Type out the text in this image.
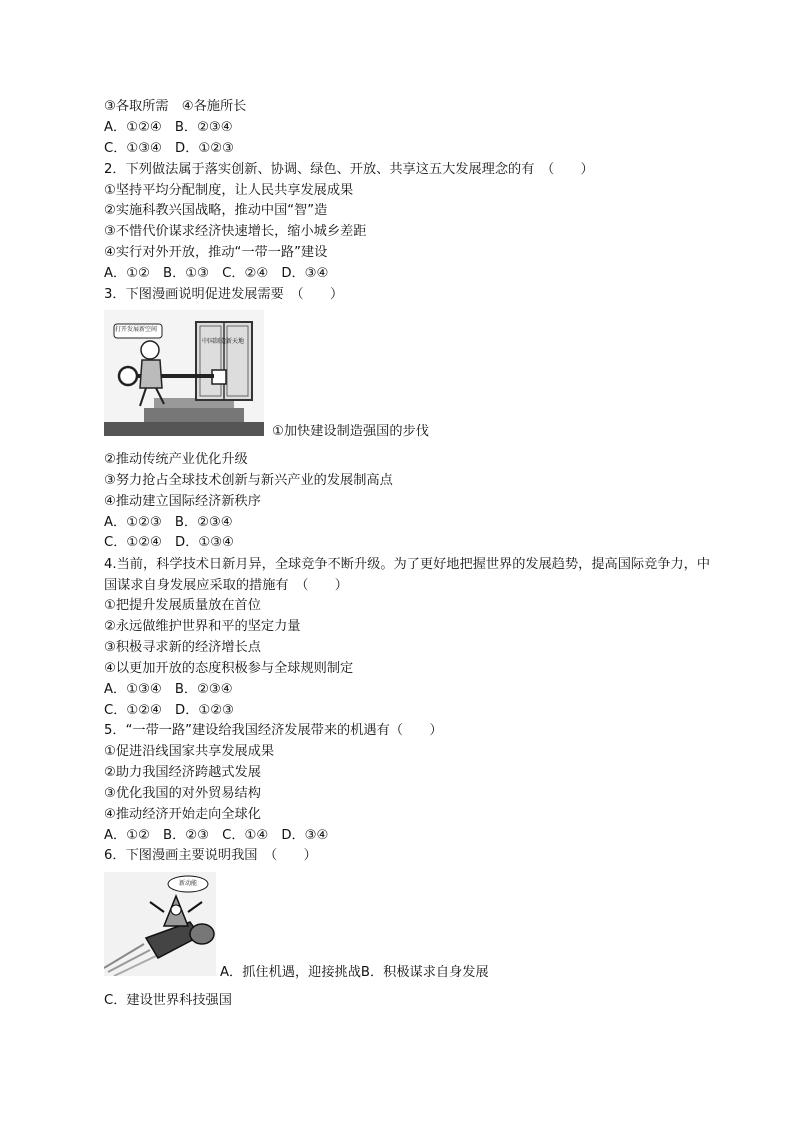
③各取所需　④各施所长
A．①②④　B．②③④
C．①③④　D．①②③
2．下列做法属于落实创新、协调、绿色、开放、共享这五大发展理念的有　（　　）
①坚持平均分配制度，让人民共享发展成果
②实施科教兴国战略，推动中国“智”造
③不惜代价谋求经济快速增长，缩小城乡差距
④实行对外开放，推动“一带一路”建设
A．①②　B．①③　C．②④　D．③④
3．下图漫画说明促进发展需要　（　　）
打开发展新空间
中国制造新天地
①加快建设制造强国的步伐
②推动传统产业优化升级
③努力抢占全球技术创新与新兴产业的发展制高点
④推动建立国际经济新秩序
A．①②③　B．②③④
C．①②④　D．①③④
4.当前，科学技术日新月异，全球竞争不断升级。为了更好地把握世界的发展趋势，提高国际竞争力，中国谋求自身发展应采取的措施有　（　　）
①把提升发展质量放在首位
②永远做维护世界和平的坚定力量
③积极寻求新的经济增长点
④以更加开放的态度积极参与全球规则制定
A．①③④　B．②③④
C．①②④　D．①②③
5．“一带一路”建设给我国经济发展带来的机遇有（　　）
①促进沿线国家共享发展成果
②助力我国经济跨越式发展
③优化我国的对外贸易结构
④推动经济开始走向全球化
A．①②　B．②③　C．①④　D．③④
6．下图漫画主要说明我国　（　　）
新动能
A．抓住机遇，迎接挑战B．积极谋求自身发展
C．建设世界科技强国
